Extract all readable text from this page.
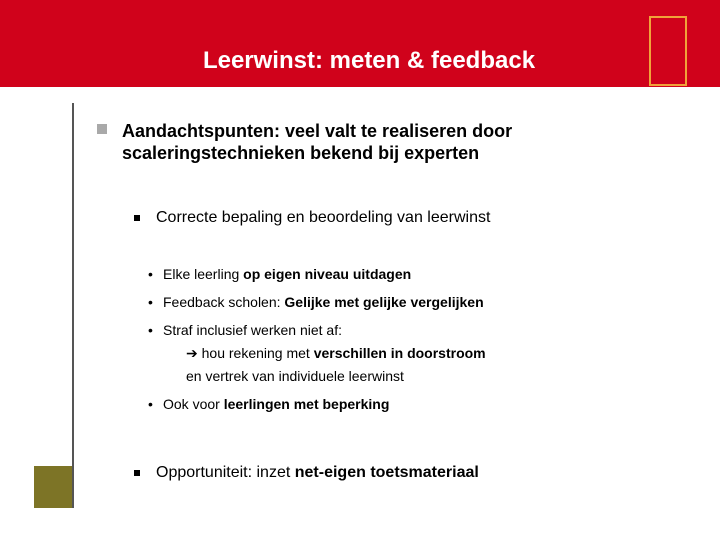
Leerwinst: meten & feedback
Aandachtspunten: veel valt te realiseren door scaleringstechnieken bekend bij experten
Correcte bepaling en beoordeling van leerwinst
• Elke leerling op eigen niveau uitdagen
• Feedback scholen: Gelijke met gelijke vergelijken
• Straf inclusief werken niet af:
➔ hou rekening met verschillen in doorstroom
en vertrek van individuele leerwinst
• Ook voor leerlingen met beperking
Opportuniteit: inzet net-eigen toetsmateriaal
